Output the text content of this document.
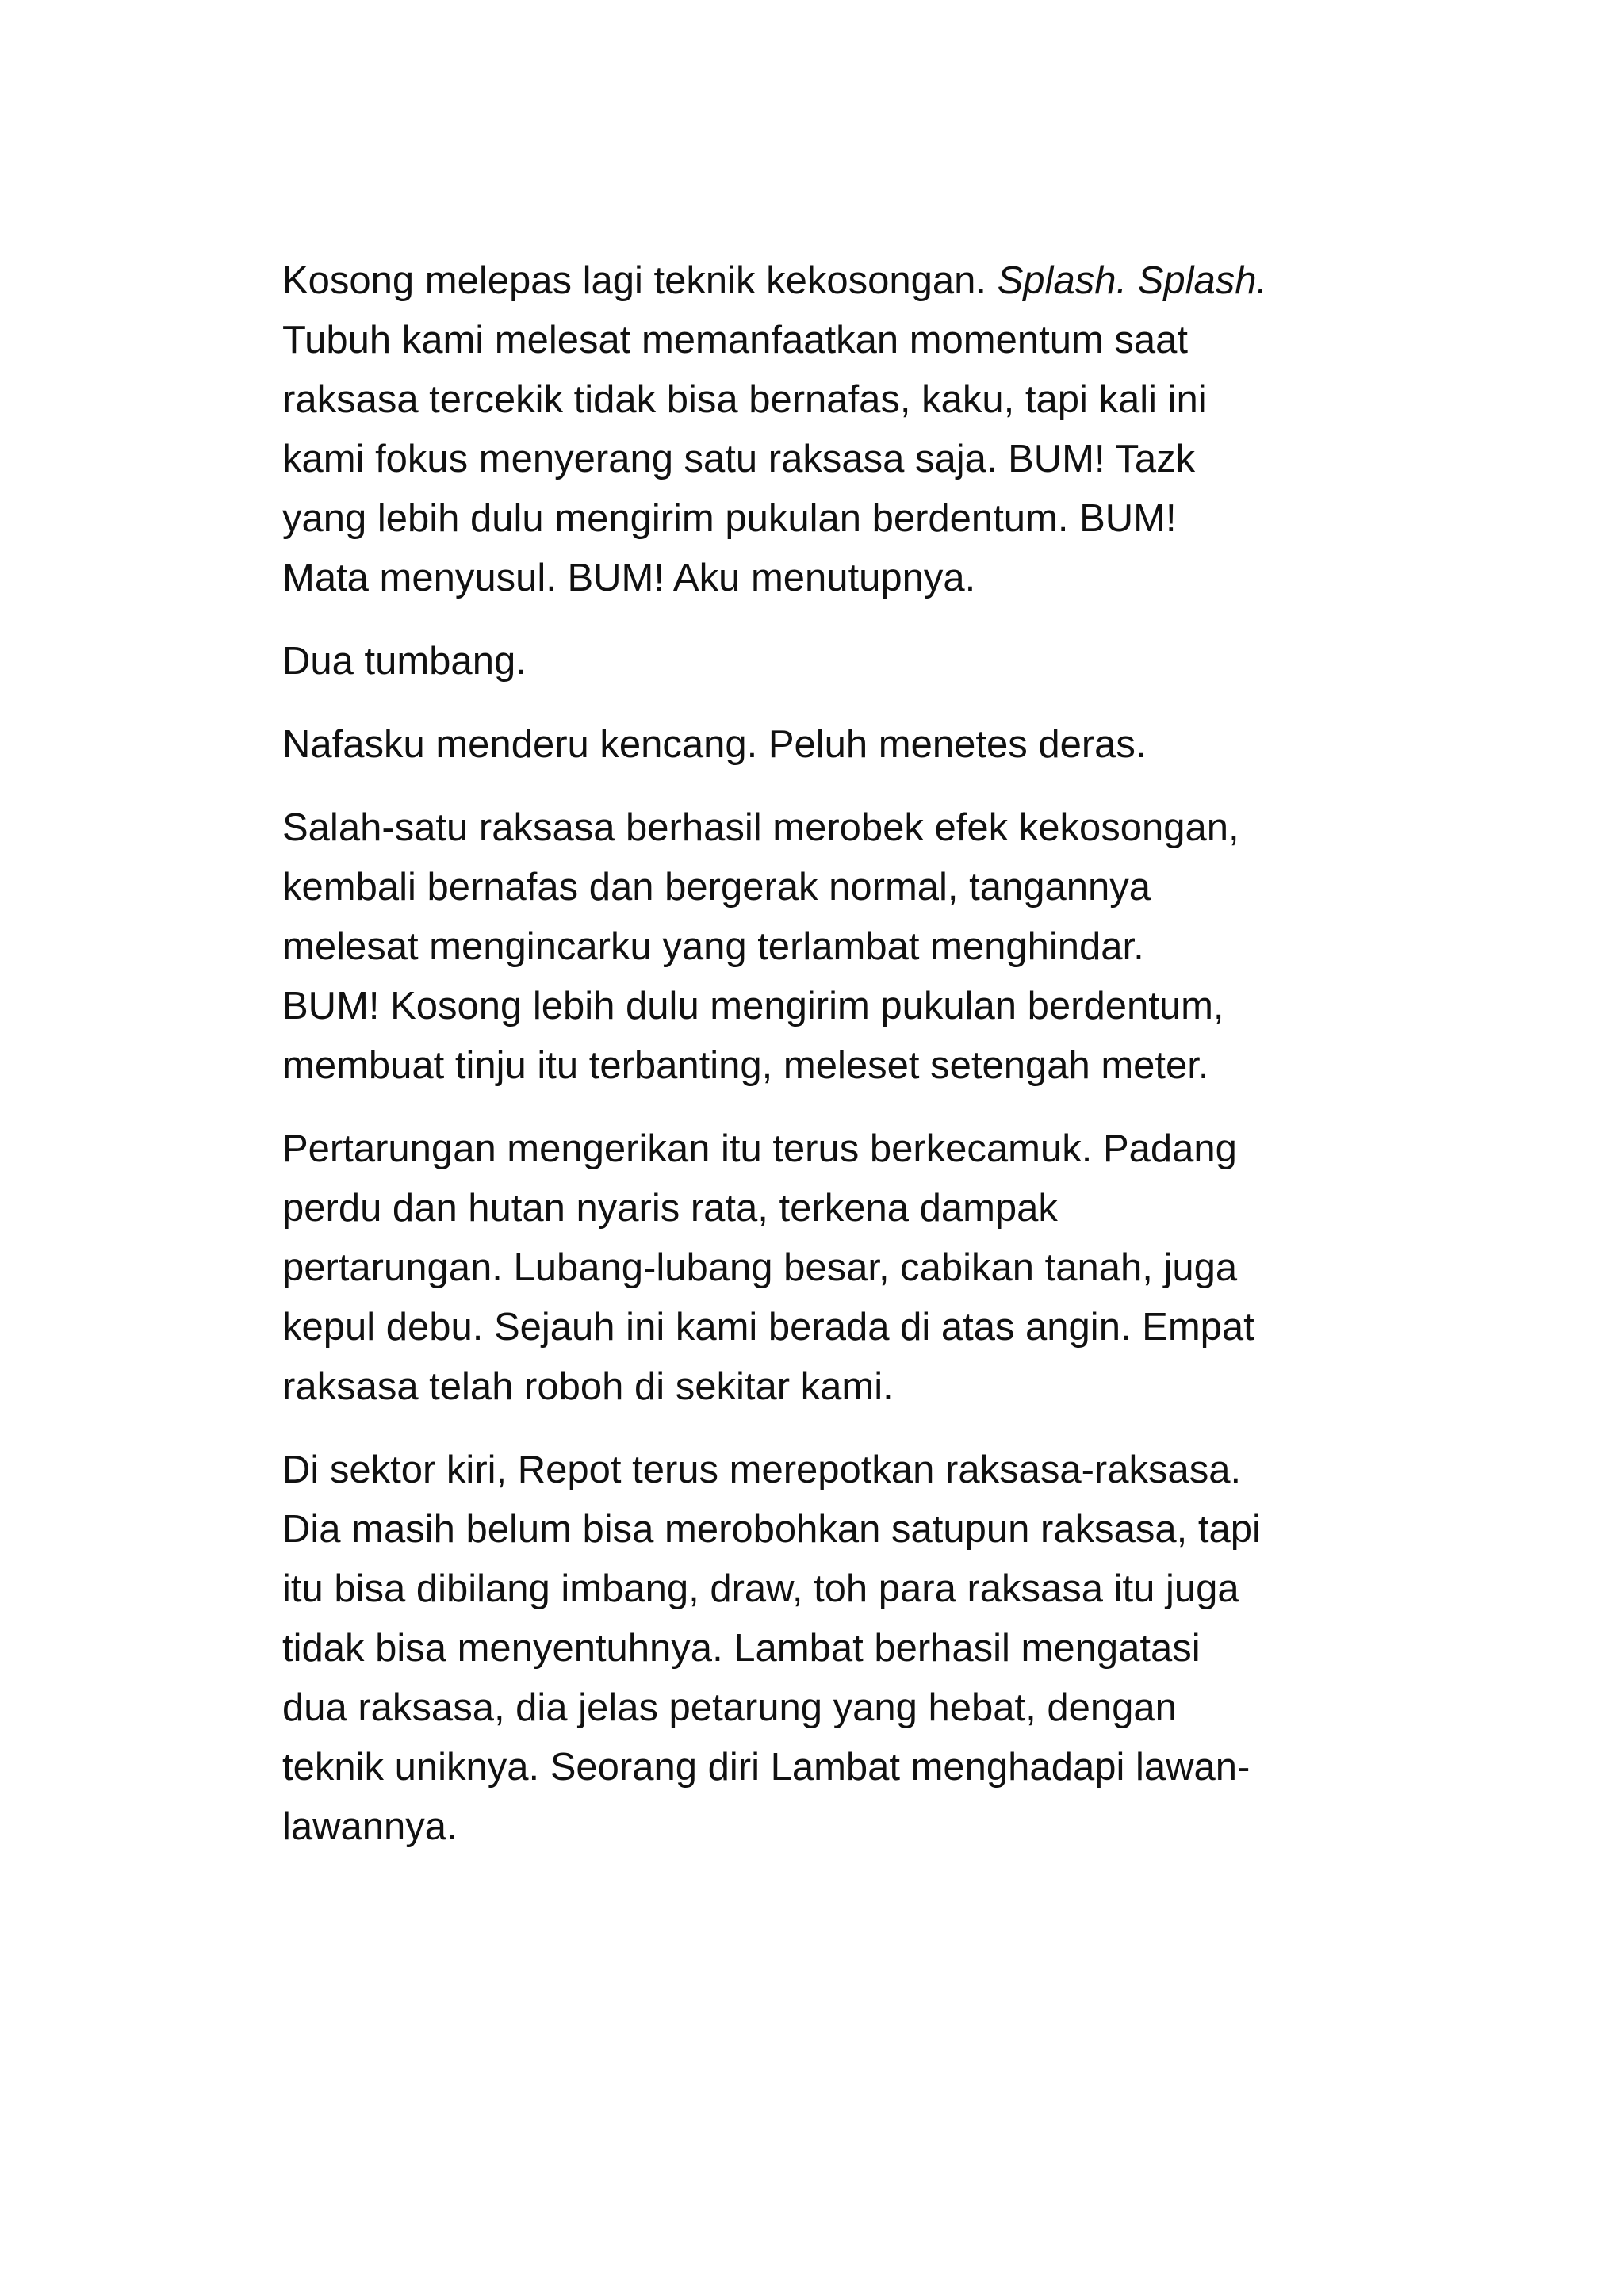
Kosong melepas lagi teknik kekosongan. Splash. Splash.
Tubuh kami melesat memanfaatkan momentum saat
raksasa tercekik tidak bisa bernafas, kaku, tapi kali ini
kami fokus menyerang satu raksasa saja. BUM! Tazk
yang lebih dulu mengirim pukulan berdentum. BUM!
Mata menyusul. BUM! Aku menutupnya.

Dua tumbang.

Nafasku menderu kencang. Peluh menetes deras.

Salah-satu raksasa berhasil merobek efek kekosongan,
kembali bernafas dan bergerak normal, tangannya
melesat mengincarku yang terlambat menghindar.
BUM! Kosong lebih dulu mengirim pukulan berdentum,
membuat tinju itu terbanting, meleset setengah meter.

Pertarungan mengerikan itu terus berkecamuk. Padang
perdu dan hutan nyaris rata, terkena dampak
pertarungan. Lubang-lubang besar, cabikan tanah, juga
kepul debu. Sejauh ini kami berada di atas angin. Empat
raksasa telah roboh di sekitar kami.

Di sektor kiri, Repot terus merepotkan raksasa-raksasa.
Dia masih belum bisa merobohkan satupun raksasa, tapi
itu bisa dibilang imbang, draw, toh para raksasa itu juga
tidak bisa menyentuhnya. Lambat berhasil mengatasi
dua raksasa, dia jelas petarung yang hebat, dengan
teknik uniknya. Seorang diri Lambat menghadapi lawan-
lawannya.
